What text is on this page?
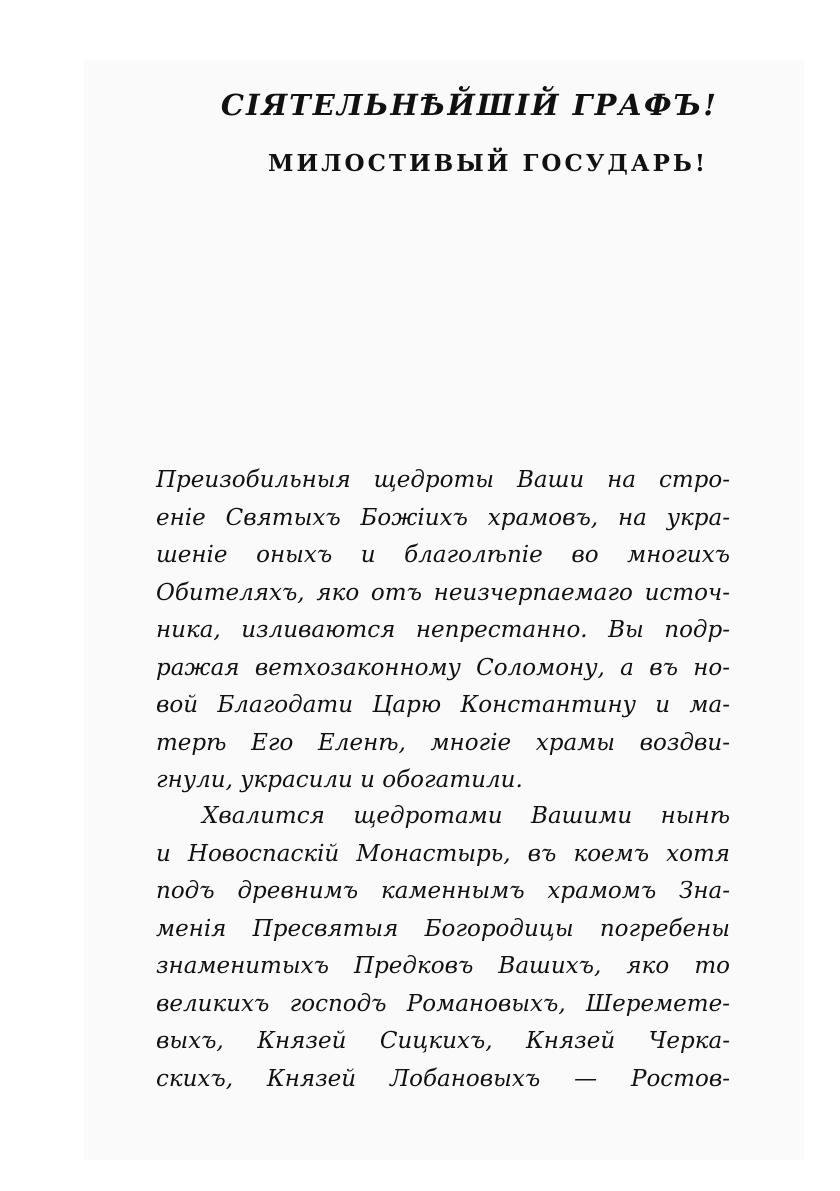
СIЯТЕЛЬНѢЙШIЙ ГРАФЪ!
МИЛОСТИВЫЙ ГОСУДАРЬ!
Преизобильныя щедроты Ваши на стро-
енiе Святыхъ Божiихъ храмовъ, на укра-
шенiе оныхъ и благолѣпiе во многихъ
Обителяхъ, яко отъ неизчерпаемаго источ-
ника, изливаются непрестанно. Вы подр-
ражая ветхозаконному Соломону, а въ но-
вой Благодати Царю Константину и ма-
терѣ Его Еленѣ, многiе храмы воздви-
гнули, украсили и обогатили.
Хвалится щедротами Вашими нынѣ
и Новоспаскiй Монастырь, въ коемъ хотя
подъ древнимъ каменнымъ храмомъ Зна-
менiя Пресвятыя Богородицы погребены
знаменитыхъ Предковъ Вашихъ, яко то
великихъ господъ Романовыхъ, Шеремете-
выхъ, Князей Сицкихъ, Князей Черка-
скихъ, Князей Лобановыхъ — Ростов-
